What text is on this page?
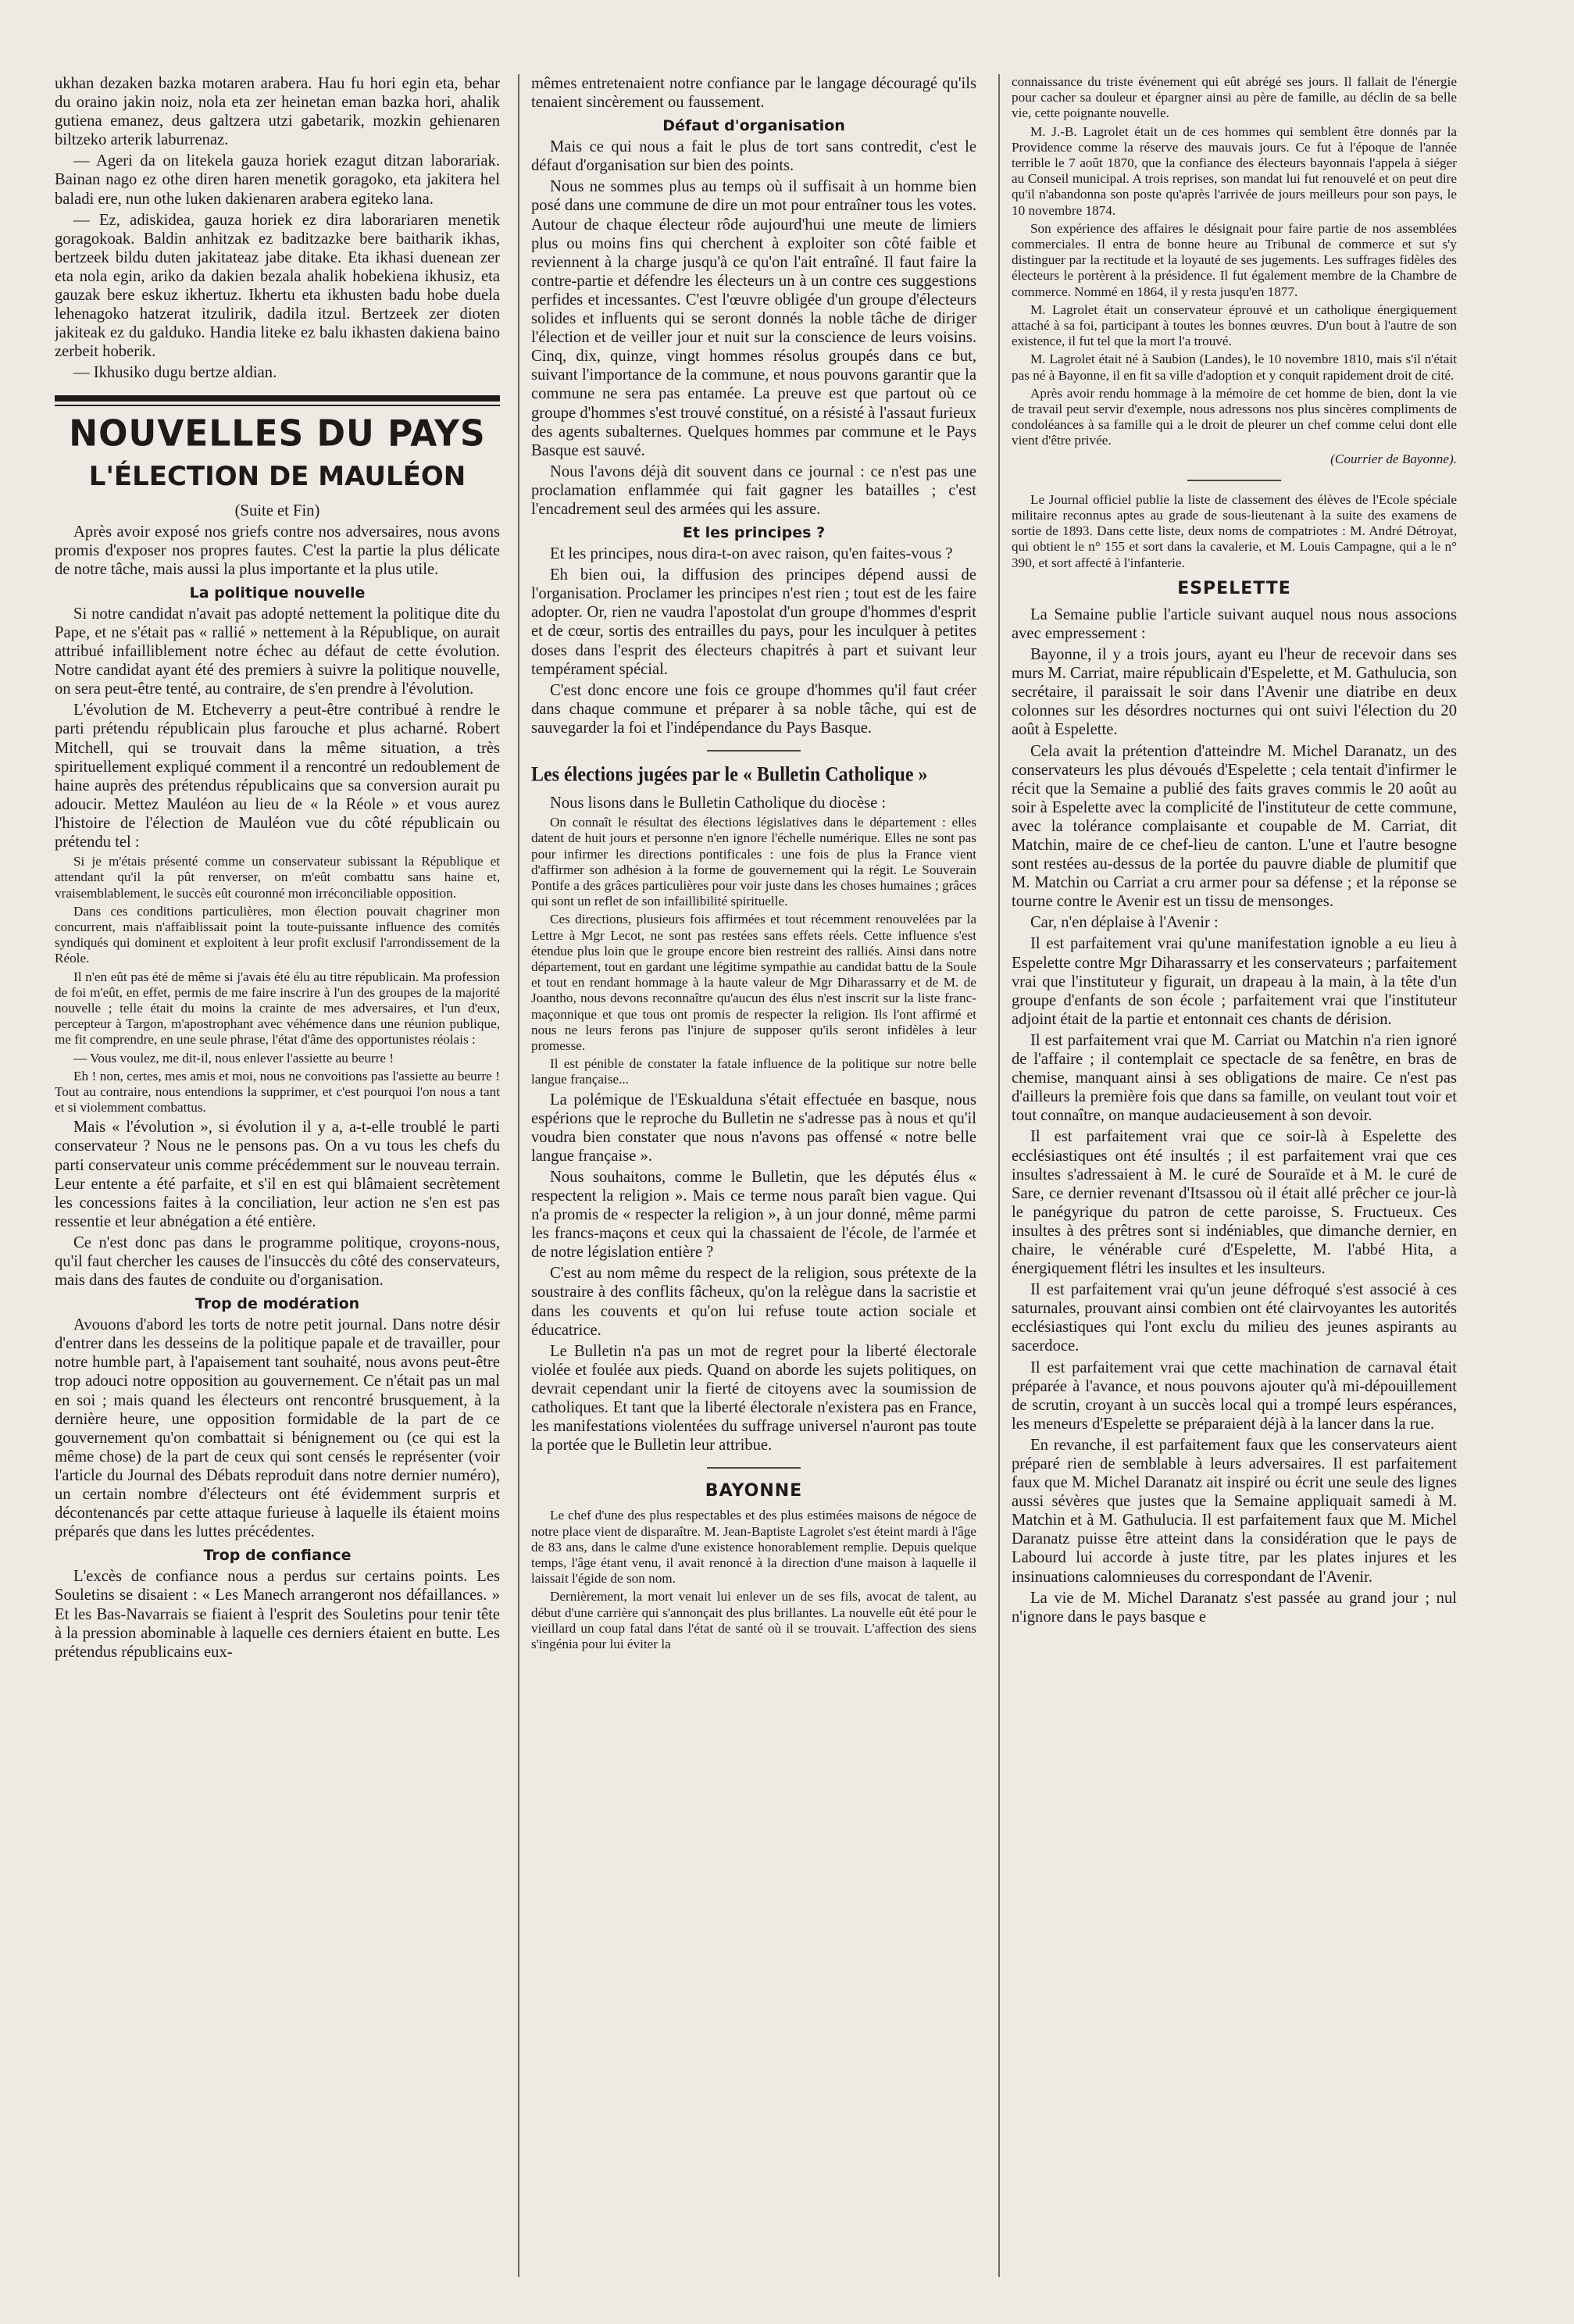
ukhan dezaken bazka motaren arabera. Hau fu hori egin eta, behar du oraino jakin noiz, nola eta zer heinetan eman bazka hori, ahalik gutiena emanez, deus galtzera utzi gabetarik, mozkin gehienaren biltzeko arterik laburrenaz.

— Ageri da on litekela gauza horiek ezagut ditzan laborariak. Bainan nago ez othe diren haren menetik goragoko, eta jakitera hel baladi ere, nun othe luken dakienaren arabera egiteko lana.

— Ez, adiskidea, gauza horiek ez dira laborariaren menetik goragokoak. Baldin anhitzak ez baditzazke bere baitharik ikhas, bertzeek bildu duten jakitateaz jabe ditake. Eta ikhasi duenean zer eta nola egin, ariko da dakien bezala ahalik hobekiena ikhusiz, eta gauzak bere eskuz ikhertuz. Ikhertu eta ikhusten badu hobe duela lehenagoko hatzerat itzulirik, dadila itzul. Bertzeek zer dioten jakiteak ez du galduko. Handia liteke ez balu ikhasten dakiena baino zerbeit hoberik.

— Ikhusiko dugu bertze aldian.

NOUVELLES DU PAYS
L'ÉLECTION DE MAULÉON

(Suite et Fin)

Après avoir exposé nos griefs contre nos adversaires, nous avons promis d'exposer nos propres fautes. C'est la partie la plus délicate de notre tâche, mais aussi la plus importante et la plus utile.

La politique nouvelle

Si notre candidat n'avait pas adopté nettement la politique dite du Pape, et ne s'était pas « rallié » nettement à la République, on aurait attribué infailliblement notre échec au défaut de cette évolution. Notre candidat ayant été des premiers à suivre la politique nouvelle, on sera peut-être tenté, au contraire, de s'en prendre à l'évolution.

L'évolution de M. Etcheverry a peut-être contribué à rendre le parti prétendu républicain plus farouche et plus acharné. Robert Mitchell, qui se trouvait dans la même situation, a très spirituellement expliqué comment il a rencontré un redoublement de haine auprès des prétendus républicains que sa conversion aurait pu adoucir. Mettez Mauléon au lieu de « la Réole » et vous aurez l'histoire de l'élection de Mauléon vue du côté républicain ou prétendu tel :

Si je m'étais présenté comme un conservateur subissant la République et attendant qu'il la pût renverser, on m'eût combattu sans haine et, vraisemblablement, le succès eût couronné mon irréconciliable opposition.

Dans ces conditions particulières, mon élection pouvait chagriner mon concurrent, mais n'affaiblissait point la toute-puissante influence des comités syndiqués qui dominent et exploitent à leur profit exclusif l'arrondissement de la Réole.

Il n'en eût pas été de même si j'avais été élu au titre républicain. Ma profession de foi m'eût, en effet, permis de me faire inscrire à l'un des groupes de la majorité nouvelle ; telle était du moins la crainte de mes adversaires, et l'un d'eux, percepteur à Targon, m'apostrophant avec véhémence dans une réunion publique, me fit comprendre, en une seule phrase, l'état d'âme des opportunistes réolais :

— Vous voulez, me dit-il, nous enlever l'assiette au beurre !

Eh ! non, certes, mes amis et moi, nous ne convoitions pas l'assiette au beurre ! Tout au contraire, nous entendions la supprimer, et c'est pourquoi l'on nous a tant et si violemment combattus.

Mais « l'évolution », si évolution il y a, a-t-elle troublé le parti conservateur ? Nous ne le pensons pas. On a vu tous les chefs du parti conservateur unis comme précédemment sur le nouveau terrain. Leur entente a été parfaite, et s'il en est qui blâmaient secrètement les concessions faites à la conciliation, leur action ne s'en est pas ressentie et leur abnégation a été entière.

Ce n'est donc pas dans le programme politique, croyons-nous, qu'il faut chercher les causes de l'insuccès du côté des conservateurs, mais dans des fautes de conduite ou d'organisation.

Trop de modération

Avouons d'abord les torts de notre petit journal. Dans notre désir d'entrer dans les desseins de la politique papale et de travailler, pour notre humble part, à l'apaisement tant souhaité, nous avons peut-être trop adouci notre opposition au gouvernement. Ce n'était pas un mal en soi ; mais quand les électeurs ont rencontré brusquement, à la dernière heure, une opposition formidable de la part de ce gouvernement qu'on combattait si bénignement ou (ce qui est la même chose) de la part de ceux qui sont censés le représenter (voir l'article du Journal des Débats reproduit dans notre dernier numéro), un certain nombre d'électeurs ont été évidemment surpris et décontenancés par cette attaque furieuse à laquelle ils étaient moins préparés que dans les luttes précédentes.

Trop de confiance

L'excès de confiance nous a perdus sur certains points. Les Souletins se disaient : « Les Manech arrangeront nos défaillances. » Et les Bas-Navarrais se fiaient à l'esprit des Souletins pour tenir tête à la pression abominable à laquelle ces derniers étaient en butte. Les prétendus républicains eux-

mêmes entretenaient notre confiance par le langage découragé qu'ils tenaient sincèrement ou faussement.

Défaut d'organisation

Mais ce qui nous a fait le plus de tort sans contredit, c'est le défaut d'organisation sur bien des points.

Nous ne sommes plus au temps où il suffisait à un homme bien posé dans une commune de dire un mot pour entraîner tous les votes. Autour de chaque électeur rôde aujourd'hui une meute de limiers plus ou moins fins qui cherchent à exploiter son côté faible et reviennent à la charge jusqu'à ce qu'on l'ait entraîné. Il faut faire la contre-partie et défendre les électeurs un à un contre ces suggestions perfides et incessantes. C'est l'œuvre obligée d'un groupe d'électeurs solides et influents qui se seront donnés la noble tâche de diriger l'élection et de veiller jour et nuit sur la conscience de leurs voisins. Cinq, dix, quinze, vingt hommes résolus groupés dans ce but, suivant l'importance de la commune, et nous pouvons garantir que la commune ne sera pas entamée. La preuve est que partout où ce groupe d'hommes s'est trouvé constitué, on a résisté à l'assaut furieux des agents subalternes. Quelques hommes par commune et le Pays Basque est sauvé.

Nous l'avons déjà dit souvent dans ce journal : ce n'est pas une proclamation enflammée qui fait gagner les batailles ; c'est l'encadrement seul des armées qui les assure.

Et les principes ?

Et les principes, nous dira-t-on avec raison, qu'en faites-vous ?

Eh bien oui, la diffusion des principes dépend aussi de l'organisation. Proclamer les principes n'est rien ; tout est de les faire adopter. Or, rien ne vaudra l'apostolat d'un groupe d'hommes d'esprit et de cœur, sortis des entrailles du pays, pour les inculquer à petites doses dans l'esprit des électeurs chapitrés à part et suivant leur tempérament spécial.

C'est donc encore une fois ce groupe d'hommes qu'il faut créer dans chaque commune et préparer à sa noble tâche, qui est de sauvegarder la foi et l'indépendance du Pays Basque.

Les élections jugées par le « Bulletin Catholique »

Nous lisons dans le Bulletin Catholique du diocèse :

On connaît le résultat des élections législatives dans le département : elles datent de huit jours et personne n'en ignore l'échelle numérique. Elles ne sont pas pour infirmer les directions pontificales : une fois de plus la France vient d'affirmer son adhésion à la forme de gouvernement qui la régit. Le Souverain Pontife a des grâces particulières pour voir juste dans les choses humaines ; grâces qui sont un reflet de son infaillibilité spirituelle.

Ces directions, plusieurs fois affirmées et tout récemment renouvelées par la Lettre à Mgr Lecot, ne sont pas restées sans effets réels. Cette influence s'est étendue plus loin que le groupe encore bien restreint des ralliés. Ainsi dans notre département, tout en gardant une légitime sympathie au candidat battu de la Soule et tout en rendant hommage à la haute valeur de Mgr Diharassarry et de M. de Joantho, nous devons reconnaître qu'aucun des élus n'est inscrit sur la liste franc-maçonnique et que tous ont promis de respecter la religion. Ils l'ont affirmé et nous ne leurs ferons pas l'injure de supposer qu'ils seront infidèles à leur promesse.

Il est pénible de constater la fatale influence de la politique sur notre belle langue française...

La polémique de l'Eskualduna s'était effectuée en basque, nous espérions que le reproche du Bulletin ne s'adresse pas à nous et qu'il voudra bien constater que nous n'avons pas offensé « notre belle langue française ».

Nous souhaitons, comme le Bulletin, que les députés élus « respectent la religion ». Mais ce terme nous paraît bien vague. Qui n'a promis de « respecter la religion », à un jour donné, même parmi les francs-maçons et ceux qui la chassaient de l'école, de l'armée et de notre législation entière ?

C'est au nom même du respect de la religion, sous prétexte de la soustraire à des conflits fâcheux, qu'on la relègue dans la sacristie et dans les couvents et qu'on lui refuse toute action sociale et éducatrice.

Le Bulletin n'a pas un mot de regret pour la liberté électorale violée et foulée aux pieds. Quand on aborde les sujets politiques, on devrait cependant unir la fierté de citoyens avec la soumission de catholiques. Et tant que la liberté électorale n'existera pas en France, les manifestations violentées du suffrage universel n'auront pas toute la portée que le Bulletin leur attribue.

BAYONNE

Le chef d'une des plus respectables et des plus estimées maisons de négoce de notre place vient de disparaître. M. Jean-Baptiste Lagrolet s'est éteint mardi à l'âge de 83 ans, dans le calme d'une existence honorablement remplie. Depuis quelque temps, l'âge étant venu, il avait renoncé à la direction d'une maison à laquelle il laissait l'égide de son nom.

Dernièrement, la mort venait lui enlever un de ses fils, avocat de talent, au début d'une carrière qui s'annonçait des plus brillantes. La nouvelle eût été pour le vieillard un coup fatal dans l'état de santé où il se trouvait. L'affection des siens s'ingénia pour lui éviter la

connaissance du triste événement qui eût abrégé ses jours. Il fallait de l'énergie pour cacher sa douleur et épargner ainsi au père de famille, au déclin de sa belle vie, cette poignante nouvelle.

M. J.-B. Lagrolet était un de ces hommes qui semblent être donnés par la Providence comme la réserve des mauvais jours. Ce fut à l'époque de l'année terrible le 7 août 1870, que la confiance des électeurs bayonnais l'appela à siéger au Conseil municipal. A trois reprises, son mandat lui fut renouvelé et on peut dire qu'il n'abandonna son poste qu'après l'arrivée de jours meilleurs pour son pays, le 10 novembre 1874.

Son expérience des affaires le désignait pour faire partie de nos assemblées commerciales. Il entra de bonne heure au Tribunal de commerce et sut s'y distinguer par la rectitude et la loyauté de ses jugements. Les suffrages fidèles des électeurs le portèrent à la présidence. Il fut également membre de la Chambre de commerce. Nommé en 1864, il y resta jusqu'en 1877.

M. Lagrolet était un conservateur éprouvé et un catholique énergiquement attaché à sa foi, participant à toutes les bonnes œuvres. D'un bout à l'autre de son existence, il fut tel que la mort l'a trouvé.

M. Lagrolet était né à Saubion (Landes), le 10 novembre 1810, mais s'il n'était pas né à Bayonne, il en fit sa ville d'adoption et y conquit rapidement droit de cité.

Après avoir rendu hommage à la mémoire de cet homme de bien, dont la vie de travail peut servir d'exemple, nous adressons nos plus sincères compliments de condoléances à sa famille qui a le droit de pleurer un chef comme celui dont elle vient d'être privée.

(Courrier de Bayonne).

Le Journal officiel publie la liste de classement des élèves de l'Ecole spéciale militaire reconnus aptes au grade de sous-lieutenant à la suite des examens de sortie de 1893. Dans cette liste, deux noms de compatriotes : M. André Détroyat, qui obtient le n° 155 et sort dans la cavalerie, et M. Louis Campagne, qui a le n° 390, et sort affecté à l'infanterie.

ESPELETTE

La Semaine publie l'article suivant auquel nous nous associons avec empressement :

Bayonne, il y a trois jours, ayant eu l'heur de recevoir dans ses murs M. Carriat, maire républicain d'Espelette, et M. Gathulucia, son secrétaire, il paraissait le soir dans l'Avenir une diatribe en deux colonnes sur les désordres nocturnes qui ont suivi l'élection du 20 août à Espelette.

Cela avait la prétention d'atteindre M. Michel Daranatz, un des conservateurs les plus dévoués d'Espelette ; cela tentait d'infirmer le récit que la Semaine a publié des faits graves commis le 20 août au soir à Espelette avec la complicité de l'instituteur de cette commune, avec la tolérance complaisante et coupable de M. Carriat, dit Matchin, maire de ce chef-lieu de canton. L'une et l'autre besogne sont restées au-dessus de la portée du pauvre diable de plumitif que M. Matchin ou Carriat a cru armer pour sa défense ; et la réponse se tourne contre le Avenir est un tissu de mensonges.

Car, n'en déplaise à l'Avenir :

Il est parfaitement vrai qu'une manifestation ignoble a eu lieu à Espelette contre Mgr Diharassarry et les conservateurs ; parfaitement vrai que l'instituteur y figurait, un drapeau à la main, à la tête d'un groupe d'enfants de son école ; parfaitement vrai que l'instituteur adjoint était de la partie et entonnait ces chants de dérision.

Il est parfaitement vrai que M. Carriat ou Matchin n'a rien ignoré de l'affaire ; il contemplait ce spectacle de sa fenêtre, en bras de chemise, manquant ainsi à ses obligations de maire. Ce n'est pas d'ailleurs la première fois que dans sa famille, on veulant tout voir et tout connaître, on manque audacieusement à son devoir.

Il est parfaitement vrai que ce soir-là à Espelette des ecclésiastiques ont été insultés ; il est parfaitement vrai que ces insultes s'adressaient à M. le curé de Souraïde et à M. le curé de Sare, ce dernier revenant d'Itsassou où il était allé prêcher ce jour-là le panégyrique du patron de cette paroisse, S. Fructueux. Ces insultes à des prêtres sont si indéniables, que dimanche dernier, en chaire, le vénérable curé d'Espelette, M. l'abbé Hita, a énergiquement flétri les insultes et les insulteurs.

Il est parfaitement vrai qu'un jeune défroqué s'est associé à ces saturnales, prouvant ainsi combien ont été clairvoyantes les autorités ecclésiastiques qui l'ont exclu du milieu des jeunes aspirants au sacerdoce.

Il est parfaitement vrai que cette machination de carnaval était préparée à l'avance, et nous pouvons ajouter qu'à mi-dépouillement de scrutin, croyant à un succès local qui a trompé leurs espérances, les meneurs d'Espelette se préparaient déjà à la lancer dans la rue.

En revanche, il est parfaitement faux que les conservateurs aient préparé rien de semblable à leurs adversaires. Il est parfaitement faux que M. Michel Daranatz ait inspiré ou écrit une seule des lignes aussi sévères que justes que la Semaine appliquait samedi à M. Matchin et à M. Gathulucia. Il est parfaitement faux que M. Michel Daranatz puisse être atteint dans la considération que le pays de Labourd lui accorde à juste titre, par les plates injures et les insinuations calomnieuses du correspondant de l'Avenir.

La vie de M. Michel Daranatz s'est passée au grand jour ; nul n'ignore dans le pays basque e
